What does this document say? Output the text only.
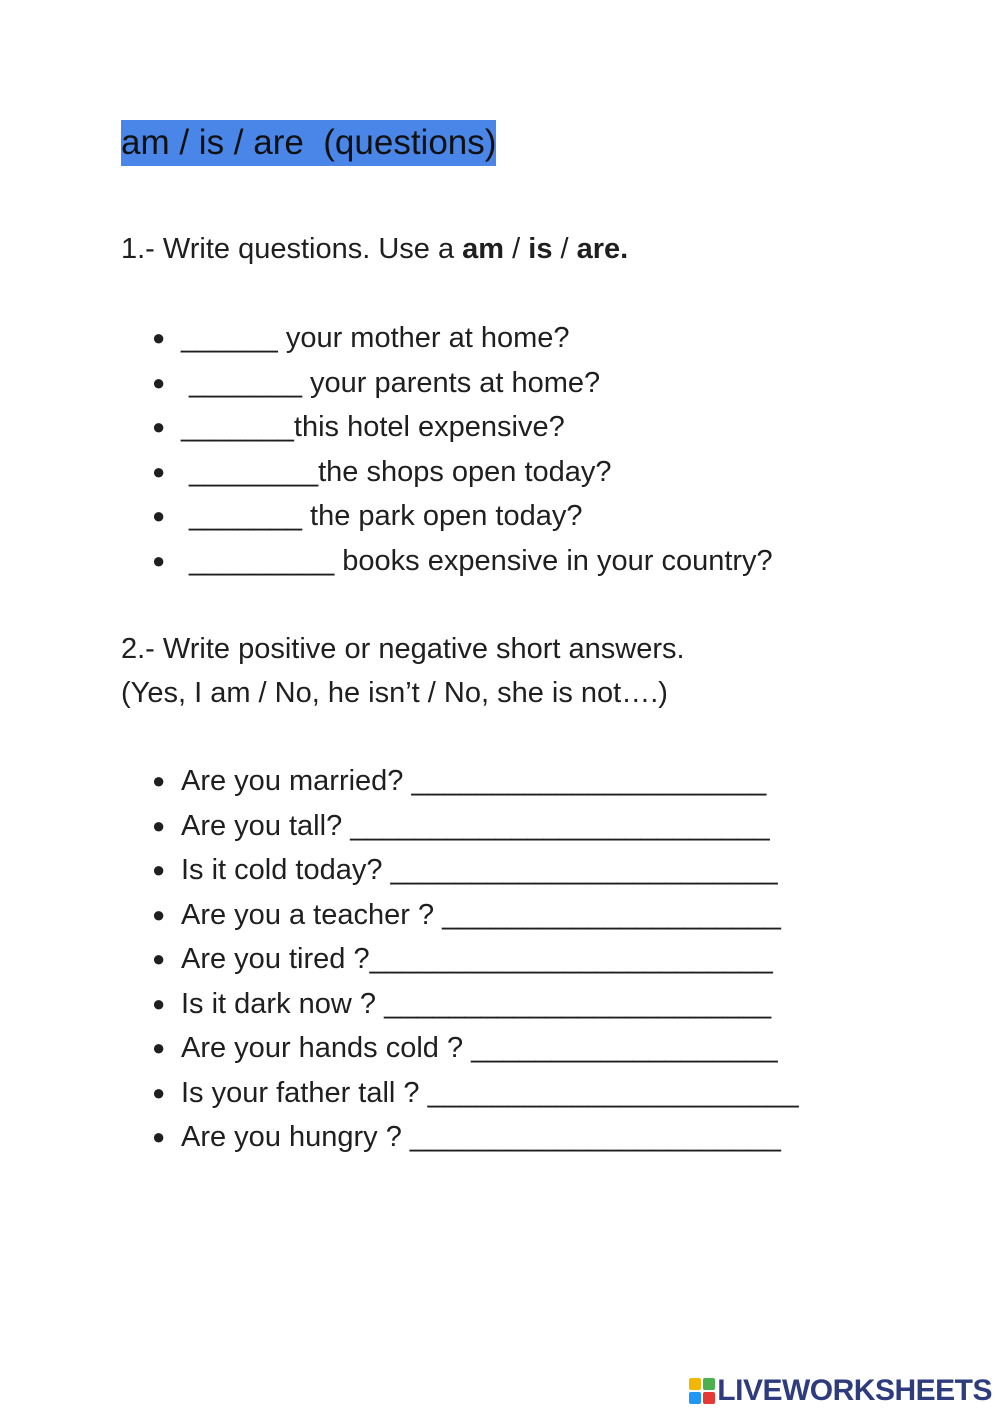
am / is / are  (questions)
1.- Write questions. Use a am / is / are.
● ______ your mother at home?
● _______ your parents at home?
● _______this hotel expensive?
● ________the shops open today?
● _______ the park open today?
● _________ books expensive in your country?
2.- Write positive or negative short answers.
(Yes, I am / No, he isn’t / No, she is not….)
● Are you married? ______________________
● Are you tall? __________________________
● Is it cold today? ________________________
● Are you a teacher ? _____________________
● Are you tired ?_________________________
● Is it dark now ? ________________________
● Are your hands cold ? ___________________
● Is your father tall ? _______________________
● Are you hungry ? _______________________
LIVEWORKSHEETS
